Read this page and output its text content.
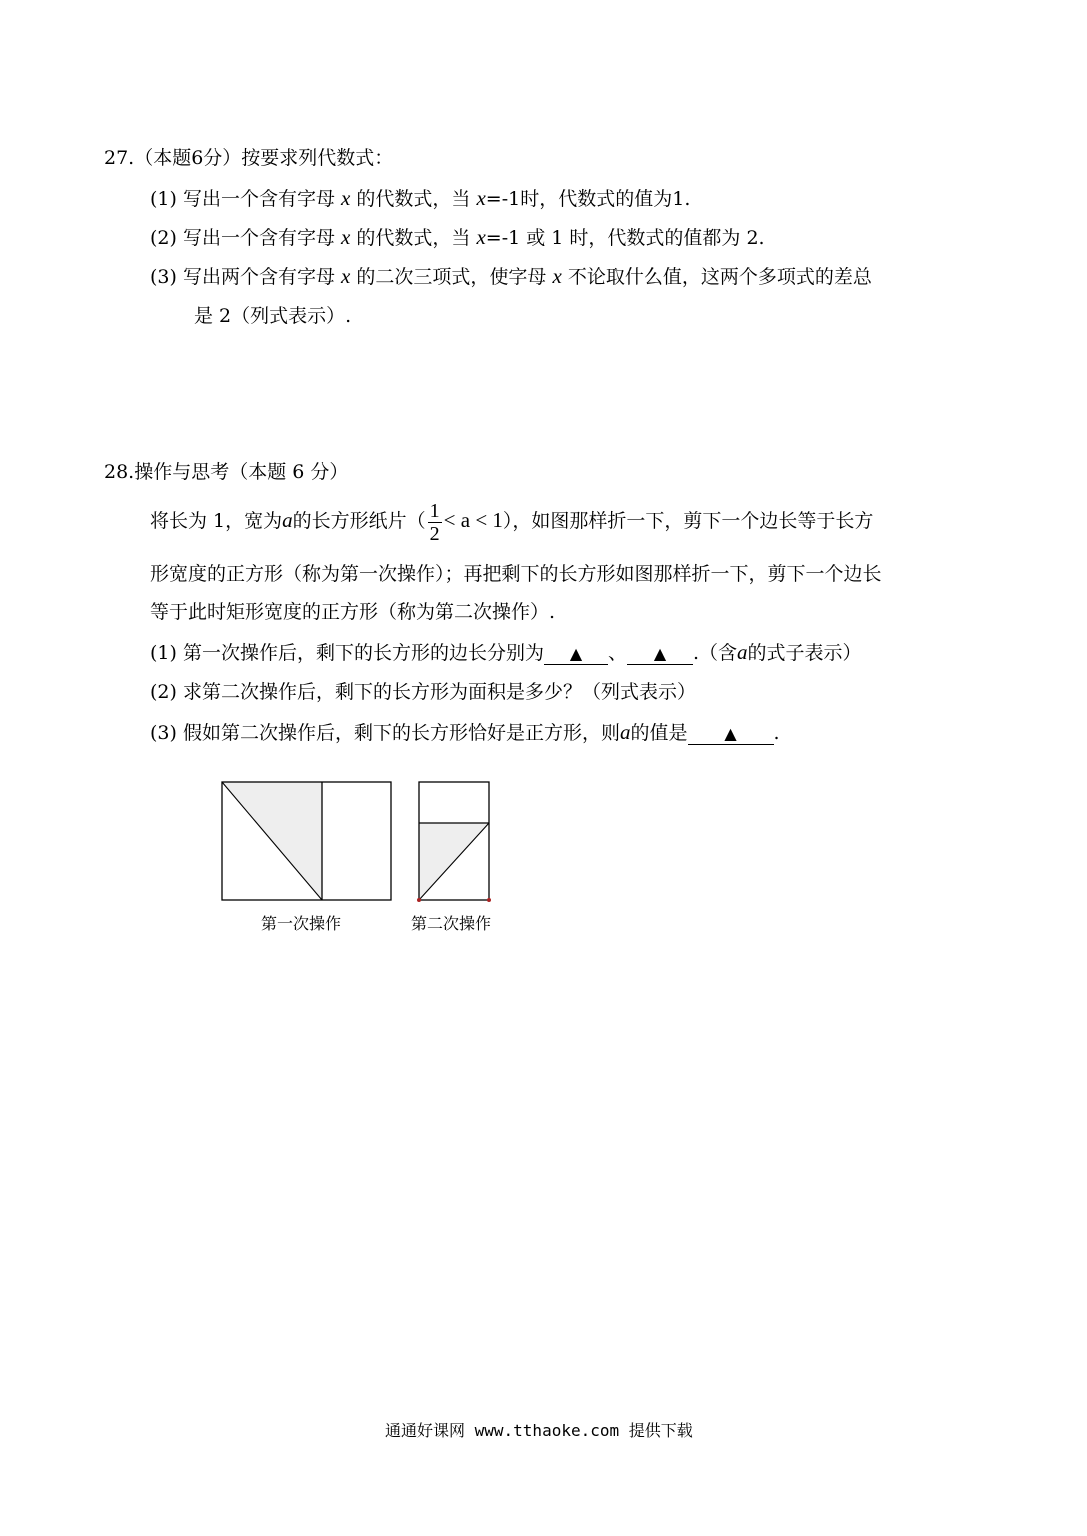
27.（本题6分）按要求列代数式：
(1) 写出一个含有字母 x 的代数式，当 x=-1时，代数式的值为1.
(2) 写出一个含有字母 x 的代数式，当 x=-1 或 1 时，代数式的值都为 2.
(3) 写出两个含有字母 x 的二次三项式，使字母 x 不论取什么值，这两个多项式的差总
是 2（列式表示）.
28.操作与思考（本题 6 分）
将长为 1，宽为a的长方形纸片（ $\frac{1}{2} < a < 1$），如图那样折一下，剪下一个边长等于长方
形宽度的正方形（称为第一次操作）；再把剩下的长方形如图那样折一下，剪下一个边长
等于此时矩形宽度的正方形（称为第二次操作）.
(1) 第一次操作后，剩下的长方形的边长分别为 ▲ 、 ▲ .（含a的式子表示）
(2) 求第二次操作后，剩下的长方形为面积是多少？（列式表示）
(3) 假如第二次操作后，剩下的长方形恰好是正方形，则a的值是 ▲ .
第一次操作	第二次操作
通通好课网 www.tthaoke.com 提供下载
